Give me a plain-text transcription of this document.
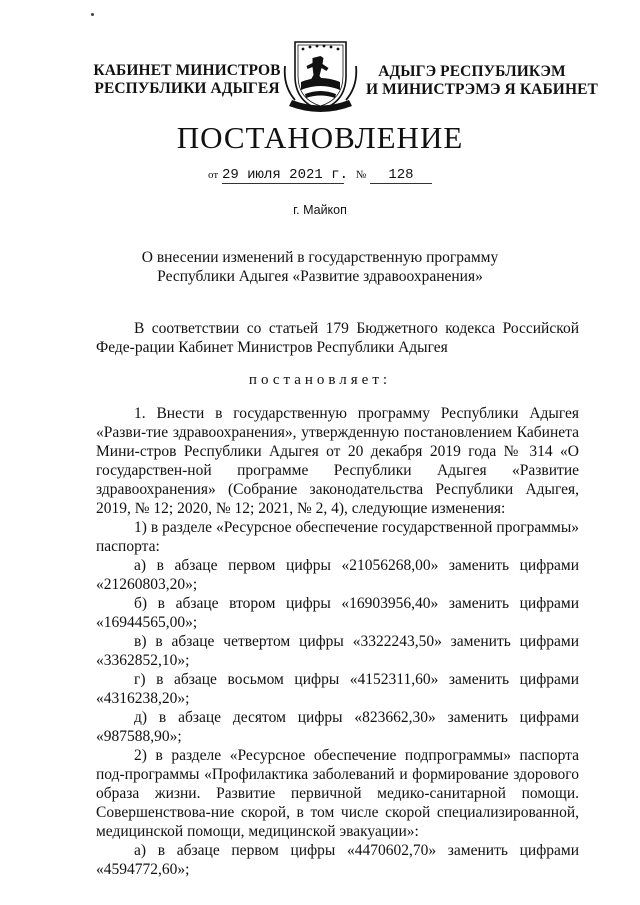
КАБИНЕТ МИНИСТРОВ
РЕСПУБЛИКИ АДЫГЕЯ
АДЫГЭ РЕСПУБЛИКЭМ
И МИНИСТРЭМЭ Я КАБИНЕТ
ПОСТАНОВЛЕНИЕ
от 29 июля 2021 г. № 128
г. Майкоп
О внесении изменений в государственную программу
Республики Адыгея «Развитие здравоохранения»
В соответствии со статьей 179 Бюджетного кодекса Российской Феде-рации Кабинет Министров Республики Адыгея
постановляет:

1. Внести в государственную программу Республики Адыгея «Разви-тие здравоохранения», утвержденную постановлением Кабинета Мини-стров Республики Адыгея от 20 декабря 2019 года № 314 «О государствен-ной программе Республики Адыгея «Развитие здравоохранения» (Собрание законодательства Республики Адыгея, 2019, № 12; 2020, № 12; 2021, № 2, 4), следующие изменения:

1) в разделе «Ресурсное обеспечение государственной программы» паспорта:

а) в абзаце первом цифры «21056268,00» заменить цифрами

«21260803,20»;

б) в абзаце втором цифры «16903956,40» заменить цифрами

«16944565,00»;

в) в абзаце четвертом цифры «3322243,50» заменить цифрами

«3362852,10»;

г) в абзаце восьмом цифры «4152311,60» заменить цифрами

«4316238,20»;

д) в абзаце десятом цифры «823662,30» заменить цифрами

«987588,90»;

2) в разделе «Ресурсное обеспечение подпрограммы» паспорта под-программы «Профилактика заболеваний и формирование здорового образа жизни. Развитие первичной медико-санитарной помощи. Совершенствова-ние скорой, в том числе скорой специализированной, медицинской помощи, медицинской эвакуации»:

а) в абзаце первом цифры «4470602,70» заменить цифрами

«4594772,60»;
